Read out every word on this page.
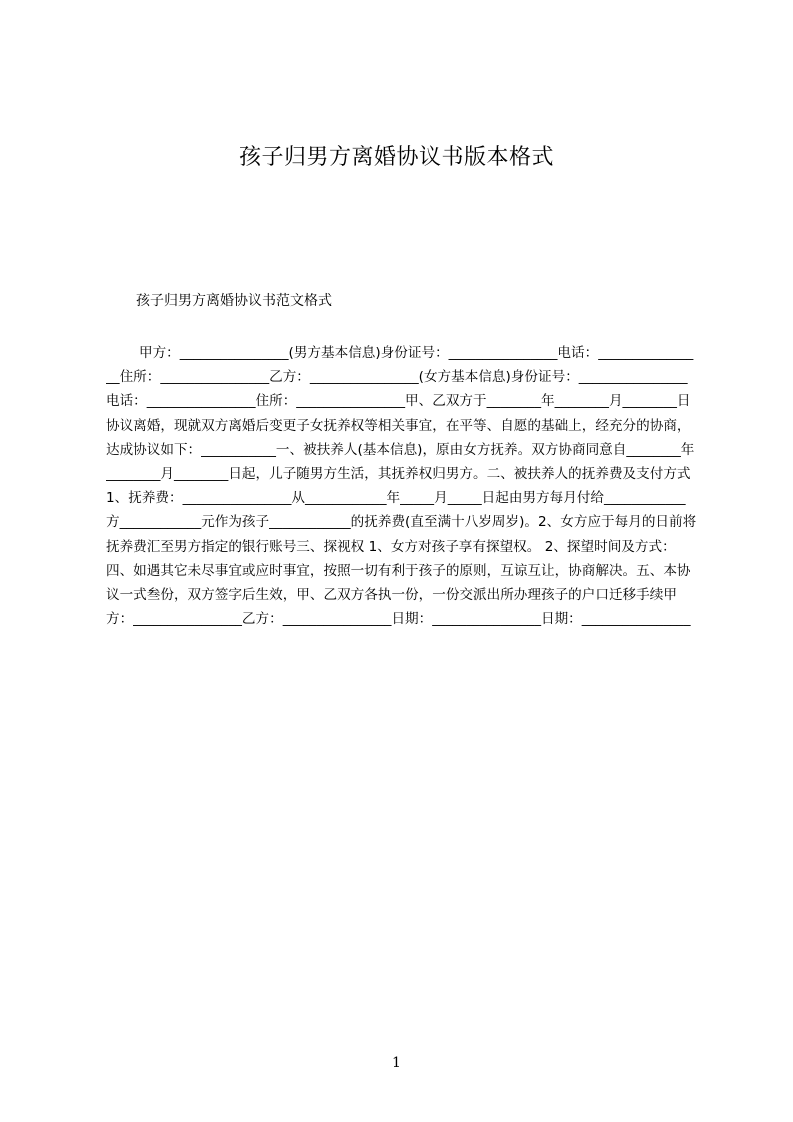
孩子归男方离婚协议书版本格式

孩子归男方离婚协议书范文格式

甲方：________________(男方基本信息)身份证号：________________电话：________________住所：________________乙方：________________(女方基本信息)身份证号：________________电话：________________住所：________________甲、乙双方于________年________月________日协议离婚，现就双方离婚后变更子女抚养权等相关事宜，在平等、自愿的基础上，经充分的协商，达成协议如下：___________一、被扶养人(基本信息)，原由女方抚养。双方协商同意自________年________月________日起，儿子随男方生活，其抚养权归男方。二、被扶养人的抚养费及支付方式 1、抚养费：________________从____________年_____月_____日起由男方每月付给____________方____________元作为孩子____________的抚养费(直至满十八岁周岁)。2、女方应于每月的日前将抚养费汇至男方指定的银行账号三、探视权 1、女方对孩子享有探望权。 2、探望时间及方式：四、如遇其它未尽事宜或应时事宜，按照一切有利于孩子的原则，互谅互让，协商解决。五、本协议一式叁份，双方签字后生效，甲、乙双方各执一份，一份交派出所办理孩子的户口迁移手续甲方：________________乙方：________________日期：________________日期：________________

1
